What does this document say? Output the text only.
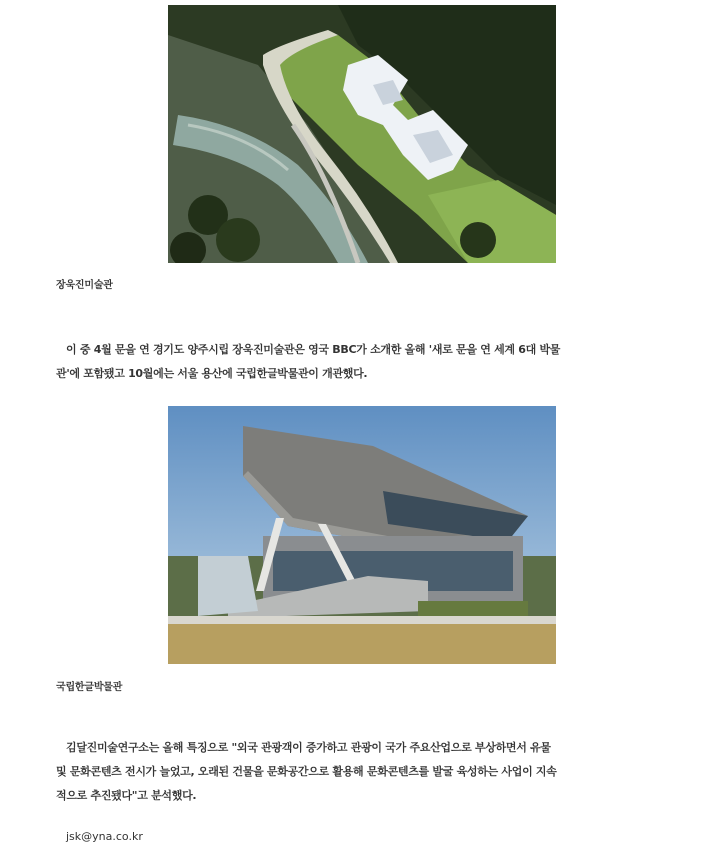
장욱진미술관
이 중 4월 문을 연 경기도 양주시립 장욱진미술관은 영국 BBC가 소개한 올해 '새로 문을 연 세계 6대 박물
관'에 포함됐고 10월에는 서울 용산에 국립한글박물관이 개관했다.
국립한글박물관
김달진미술연구소는 올해 특징으로 "외국 관광객이 증가하고 관광이 국가 주요산업으로 부상하면서 유물
및 문화콘텐츠 전시가 늘었고, 오래된 건물을 문화공간으로 활용해 문화콘텐츠를 발굴 육성하는 사업이 지속
적으로 추진됐다"고 분석했다.
jsk@yna.co.kr
